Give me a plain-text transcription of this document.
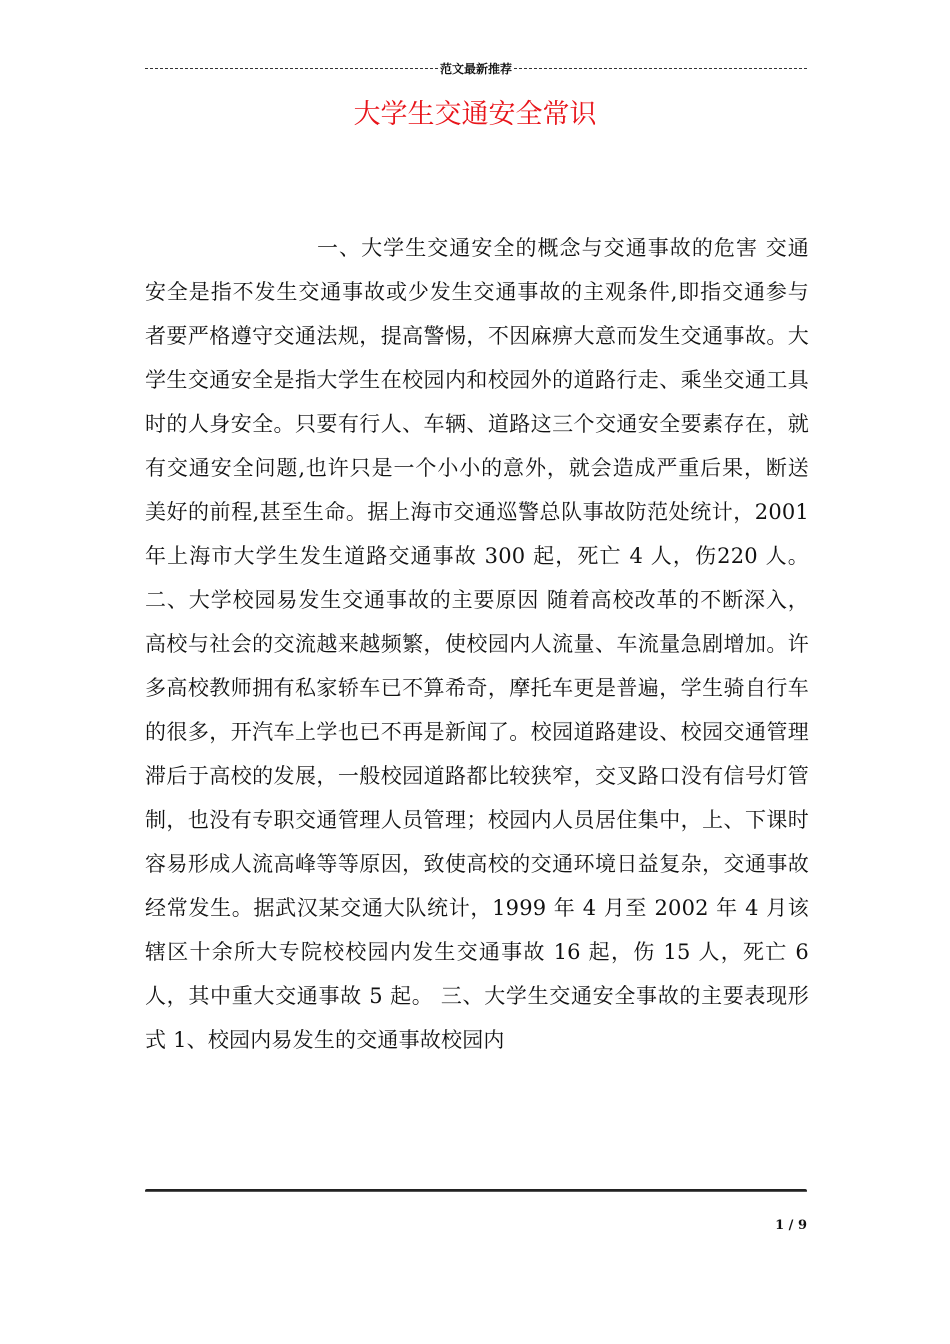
范文最新推荐
大学生交通安全常识

一、大学生交通安全的概念与交通事故的危害 交通安全是指不发生交通事故或少发生交通事故的主观条件,即指交通参与者要严格遵守交通法规，提高警惕，不因麻痹大意而发生交通事故。大学生交通安全是指大学生在校园内和校园外的道路行走、乘坐交通工具时的人身安全。只要有行人、车辆、道路这三个交通安全要素存在，就有交通安全问题,也许只是一个小小的意外，就会造成严重后果，断送美好的前程,甚至生命。据上海市交通巡警总队事故防范处统计，2001 年上海市大学生发生道路交通事故 300 起，死亡 4 人，伤220 人。 二、大学校园易发生交通事故的主要原因 随着高校改革的不断深入，高校与社会的交流越来越频繁，使校园内人流量、车流量急剧增加。许多高校教师拥有私家轿车已不算希奇，摩托车更是普遍，学生骑自行车的很多，开汽车上学也已不再是新闻了。校园道路建设、校园交通管理滞后于高校的发展，一般校园道路都比较狭窄，交叉路口没有信号灯管制，也没有专职交通管理人员管理；校园内人员居住集中，上、下课时容易形成人流高峰等等原因，致使高校的交通环境日益复杂，交通事故经常发生。据武汉某交通大队统计，1999 年 4 月至 2002 年 4 月该辖区十余所大专院校校园内发生交通事故 16 起，伤 15 人，死亡 6 人，其中重大交通事故 5 起。 三、大学生交通安全事故的主要表现形式 1、校园内易发生的交通事故校园内

1 / 9
